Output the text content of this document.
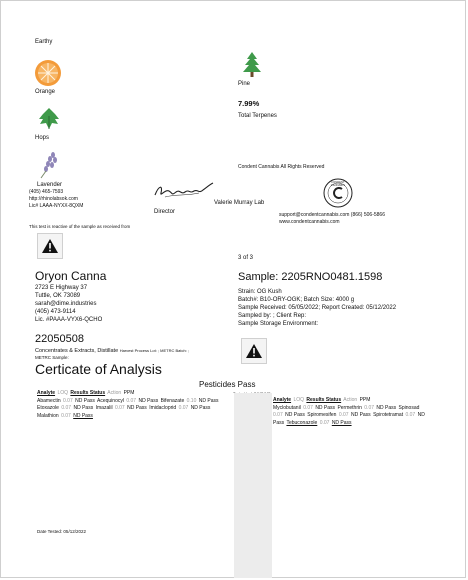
Earthy
Orange
Hops
Lavender
(405) 465-7593
http://rhinolabsok.com
Lic# LAAA-NYXX-8QXM
Pine
7.99%
Total Terpenes
Condent Cannabis All Rights Reserved
Director
Valerie Murray Lab
CONDENT CANNABIS
support@condentcannabis.com (866) 506-5866
www.condentcannabis.com
This test is reactive of the sample as received from
3 of 3
Oryon Canna
2723 E Highway 37
Tuttle, OK 73089
sarah@dime.industries
(405) 473-9114
Lic. #PAAA-VYX6-QCHO
Sample: 2205RNO0481.1598
Strain: OG Kush
Batch#: B10-ORY-OGK; Batch Size: 4000 g
Sample Received: 05/05/2022; Report Created: 05/12/2022
Sampled by: ; Client Rep:
Sample Storage Environment:
22050508
Concentrates & Extracts, Distillate Harvest Process Lot: ; METRC Batch: ;
METRC Sample:
Certicate of Analysis
Pesticides Pass
Analyte LOQ Results Status Action PPM
Abamectin 0.07 ND Pass Acequinocyl 0.07 ND Pass Bifenazate 0.10 ND Pass
Etoxazole 0.07 ND Pass Imazalil 0.07 ND Pass Imidacloprid 0.07 ND Pass
Malathion 0.07 ND Pass
Analyte LOQ Results Status Action PPM
Myclobutanil 0.07 ND Pass Permethrin 0.07 ND Pass Spinosad
0.07 ND Pass Spiromesifen 0.07 ND Pass Spirotetramat 0.07 ND
Pass Tebuconazole 0.07 ND Pass
Date Tested: 05/12/2022
